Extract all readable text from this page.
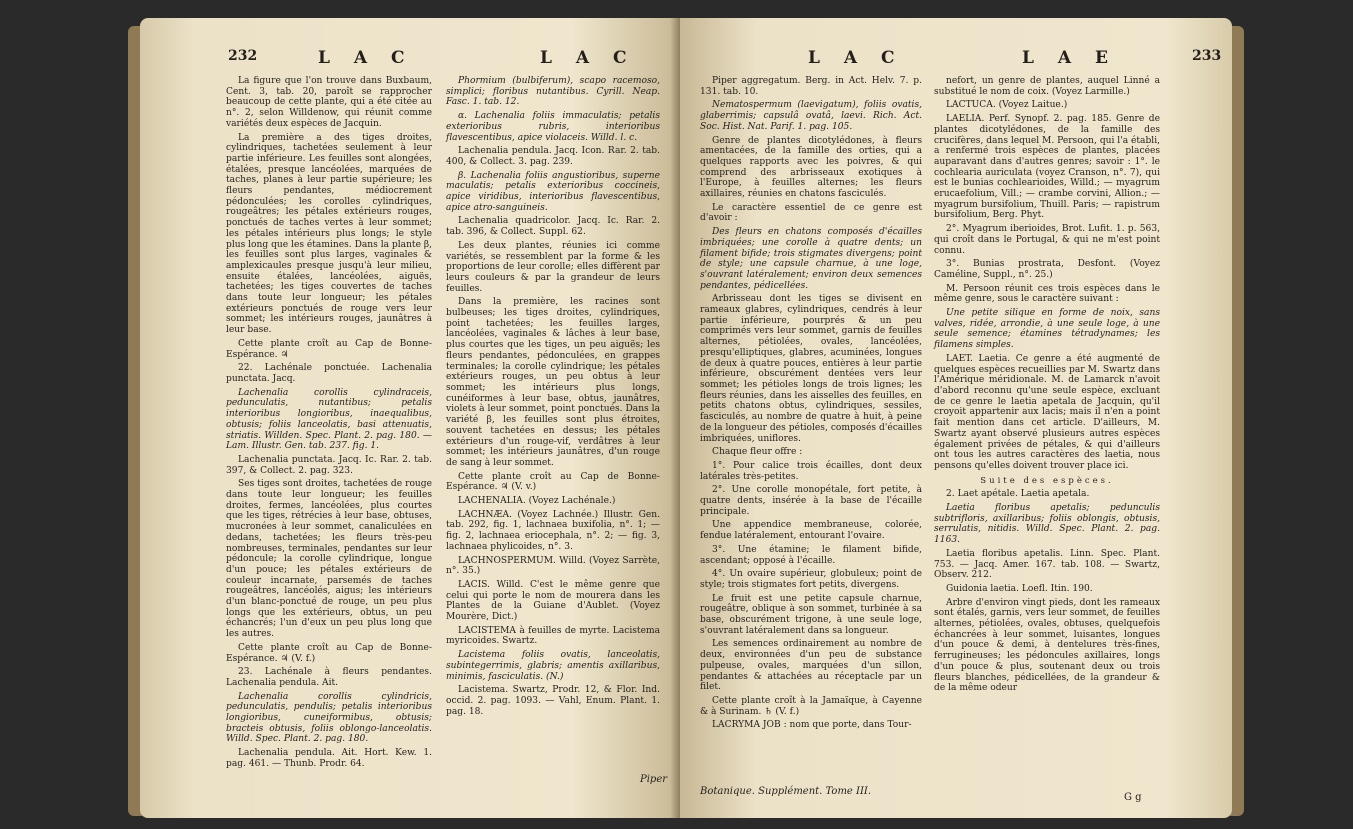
232	L A C	L A C

La figure que l'on trouve dans Buxbaum, Cent. 3, tab. 20, paroît se rapprocher beaucoup de cette plante, qui a été citée au n°. 2, selon Willdenow, qui réunit comme variétés deux espèces de Jacquin.

La première a des tiges droites, cylindriques, tachetées seulement à leur partie inférieure. Les feuilles sont alongées, étalées, presque lancéolées, marquées de taches, planes à leur partie supérieure; les fleurs pendantes, médiocrement pédonculées; les corolles cylindriques, rougeâtres; les pétales extérieurs rouges, ponctués de taches vertes à leur sommet; les pétales intérieurs plus longs; le style plus long que les étamines. Dans la plante β, les feuilles sont plus larges, vaginales & amplexicaules presque jusqu'à leur milieu, ensuite étalées, lancéolées, aiguës, tachetées; les tiges couvertes de taches dans toute leur longueur; les pétales extérieurs ponctués de rouge vers leur sommet; les intérieurs rouges, jaunâtres à leur base.

Cette plante croît au Cap de Bonne-Espérance. ♃

22. Lachénale ponctuée. Lachenalia punctata. Jacq.

Lachenalia corollis cylindraceis, pedunculatis, nutantibus; petalis interioribus longioribus, inaequalibus, obtusis; foliis lanceolatis, basi attenuatis, striatis. Willden. Spec. Plant. 2. pag. 180. — Lam. Illustr. Gen. tab. 237. fig. 1.

Lachenalia punctata. Jacq. Ic. Rar. 2. tab. 397, & Collect. 2. pag. 323.

Ses tiges sont droites, tachetées de rouge dans toute leur longueur; les feuilles droites, fermes, lancéolées, plus courtes que les tiges, rétrécies à leur base, obtuses, mucronées à leur sommet, canaliculées en dedans, tachetées; les fleurs très-peu nombreuses, terminales, pendantes sur leur pédoncule; la corolle cylindrique, longue d'un pouce; les pétales extérieurs de couleur incarnate, parsemés de taches rougeâtres, lancéolés, aigus; les intérieurs d'un blanc-ponctué de rouge, un peu plus longs que les extérieurs, obtus, un peu échancrés; l'un d'eux un peu plus long que les autres.

Cette plante croît au Cap de Bonne-Espérance. ♃ (V. f.)

23. Lachénale à fleurs pendantes. Lachenalia pendula. Ait.

Lachenalia corollis cylindricis, pedunculatis, pendulis; petalis interioribus longioribus, cuneiformibus, obtusis; bracteis obtusis, foliis oblongo-lanceolatis. Willd. Spec. Plant. 2. pag. 180.

Lachenalia pendula. Ait. Hort. Kew. 1. pag. 461. — Thunb. Prodr. 64.

Phormium (bulbiferum), scapo racemoso, simplici; floribus nutantibus. Cyrill. Neap. Fasc. 1. tab. 12.

α. Lachenalia foliis immaculatis; petalis exterioribus rubris, interioribus flavescentibus, apice violaceis. Willd. l. c.

Lachenalia pendula. Jacq. Icon. Rar. 2. tab. 400, & Collect. 3. pag. 239.

β. Lachenalia foliis angustioribus, superne maculatis; petalis exterioribus coccineis, apice viridibus, interioribus flavescentibus, apice atro-sanguineis.

Lachenalia quadricolor. Jacq. Ic. Rar. 2. tab. 396, & Collect. Suppl. 62.

Les deux plantes, réunies ici comme variétés, se ressemblent par la forme & les proportions de leur corolle; elles diffèrent par leurs couleurs & par la grandeur de leurs feuilles.

Dans la première, les racines sont bulbeuses; les tiges droites, cylindriques, point tachetées; les feuilles larges, lancéolées, vaginales & lâches à leur base, plus courtes que les tiges, un peu aiguës; les fleurs pendantes, pédonculées, en grappes terminales; la corolle cylindrique; les pétales extérieurs rouges, un peu obtus à leur sommet; les intérieurs plus longs, cunéiformes à leur base, obtus, jaunâtres, violets à leur sommet, point ponctués. Dans la variété β, les feuilles sont plus étroites, souvent tachetées en dessus; les pétales extérieurs d'un rouge-vif, verdâtres à leur sommet; les intérieurs jaunâtres, d'un rouge de sang à leur sommet.

Cette plante croît au Cap de Bonne-Espérance. ♃ (V. v.)

LACHENALIA. (Voyez Lachénale.)

LACHNÆA. (Voyez Lachnée.) Illustr. Gen. tab. 292, fig. 1, lachnaea buxifolia, n°. 1; — fig. 2, lachnaea eriocephala, n°. 2; — fig. 3, lachnaea phylicoides, n°. 3.

LACHNOSPERMUM. Willd. (Voyez Sarrète, n°. 35.)

LACIS. Willd. C'est le même genre que celui qui porte le nom de mourera dans les Plantes de la Guiane d'Aublet. (Voyez Mourère, Dict.)

LACISTEMA à feuilles de myrte. Lacistema myricoides. Swartz.

Lacistema foliis ovatis, lanceolatis, subintegerrimis, glabris; amentis axillaribus, minimis, fasciculatis. (N.)

Lacistema. Swartz, Prodr. 12, & Flor. Ind. occid. 2. pag. 1093. — Vahl, Enum. Plant. 1. pag. 18.

Piper
L A C	L A E	233

Piper aggregatum. Berg. in Act. Helv. 7. p. 131. tab. 10.

Nematospermum (laevigatum), foliis ovatis, glaberrimis; capsulâ ovatâ, laevi. Rich. Act. Soc. Hist. Nat. Parif. 1. pag. 105.

Genre de plantes dicotylédones, à fleurs amentacées, de la famille des orties, qui a quelques rapports avec les poivres, & qui comprend des arbrisseaux exotiques à l'Europe, à feuilles alternes; les fleurs axillaires, réunies en chatons fasciculés.

Le caractère essentiel de ce genre est d'avoir :

Des fleurs en chatons composés d'écailles imbriquées; une corolle à quatre dents; un filament bifide; trois stigmates divergens; point de style; une capsule charnue, à une loge, s'ouvrant latéralement; environ deux semences pendantes, pédicellées.

Arbrisseau dont les tiges se divisent en rameaux glabres, cylindriques, cendrés à leur partie inférieure, pourprés & un peu comprimés vers leur sommet, garnis de feuilles alternes, pétiolées, ovales, lancéolées, presqu'elliptiques, glabres, acuminées, longues de deux à quatre pouces, entières à leur partie inférieure, obscurément dentées vers leur sommet; les pétioles longs de trois lignes; les fleurs réunies, dans les aisselles des feuilles, en petits chatons obtus, cylindriques, sessiles, fasciculés, au nombre de quatre à huit, à peine de la longueur des pétioles, composés d'écailles imbriquées, uniflores.

Chaque fleur offre :

1°. Pour calice trois écailles, dont deux latérales très-petites.

2°. Une corolle monopétale, fort petite, à quatre dents, insérée à la base de l'écaille principale.

Une appendice membraneuse, colorée, fendue latéralement, entourant l'ovaire.

3°. Une étamine; le filament bifide, ascendant; opposé à l'écaille.

4°. Un ovaire supérieur, globuleux; point de style; trois stigmates fort petits, divergens.

Le fruit est une petite capsule charnue, rougeâtre, oblique à son sommet, turbinée à sa base, obscurément trigone, à une seule loge, s'ouvrant latéralement dans sa longueur.

Les semences ordinairement au nombre de deux, environnées d'un peu de substance pulpeuse, ovales, marquées d'un sillon, pendantes & attachées au réceptacle par un filet.

Cette plante croît à la Jamaïque, à Cayenne & à Surinam. ♄ (V. f.)

LACRYMA JOB : nom que porte, dans Tour-

nefort, un genre de plantes, auquel Linné a substitué le nom de coix. (Voyez Larmille.)

LACTUCA. (Voyez Laitue.)

LAELIA. Perf. Synopf. 2. pag. 185. Genre de plantes dicotylédones, de la famille des crucifères, dans lequel M. Persoon, qui l'a établi, a renfermé trois espèces de plantes, placées auparavant dans d'autres genres; savoir : 1°. le cochlearia auriculata (voyez Cranson, n°. 7), qui est le bunias cochlearioides, Willd.; — myagrum erucaefolium, Vill.; — crambe corvini, Allion.; — myagrum bursifolium, Thuill. Paris; — rapistrum bursifolium, Berg. Phyt.

2°. Myagrum iberioides, Brot. Lufit. 1. p. 563, qui croît dans le Portugal, & qui ne m'est point connu.

3°. Bunias prostrata, Desfont. (Voyez Caméline, Suppl., n°. 25.)

M. Persoon réunit ces trois espèces dans le même genre, sous le caractère suivant :

Une petite silique en forme de noix, sans valves, ridée, arrondie, à une seule loge, à une seule semence; étamines tétradynames; les filamens simples.

LAET. Laetia. Ce genre a été augmenté de quelques espèces recueillies par M. Swartz dans l'Amérique méridionale. M. de Lamarck n'avoit d'abord reconnu qu'une seule espèce, excluant de ce genre le laetia apetala de Jacquin, qu'il croyoit appartenir aux lacis; mais il n'en a point fait mention dans cet article. D'ailleurs, M. Swartz ayant observé plusieurs autres espèces également privées de pétales, & qui d'ailleurs ont tous les autres caractères des laetia, nous pensons qu'elles doivent trouver place ici.

Suite des espèces.

2. Laet apétale. Laetia apetala.

Laetia floribus apetalis; pedunculis subtrifloris, axillaribus; foliis oblongis, obtusis, serrulatis, nitidis. Willd. Spec. Plant. 2. pag. 1163.

Laetia floribus apetalis. Linn. Spec. Plant. 753. — Jacq. Amer. 167. tab. 108. — Swartz, Observ. 212.

Guidonia laetia. Loefl. Itin. 190.

Arbre d'environ vingt pieds, dont les rameaux sont étalés, garnis, vers leur sommet, de feuilles alternes, pétiolées, ovales, obtuses, quelquefois échancrées à leur sommet, luisantes, longues d'un pouce & demi, à dentelures très-fines, ferrugineuses; les pédoncules axillaires, longs d'un pouce & plus, soutenant deux ou trois fleurs blanches, pédicellées, de la grandeur & de la même odeur

Botanique. Supplément. Tome III.
G g
